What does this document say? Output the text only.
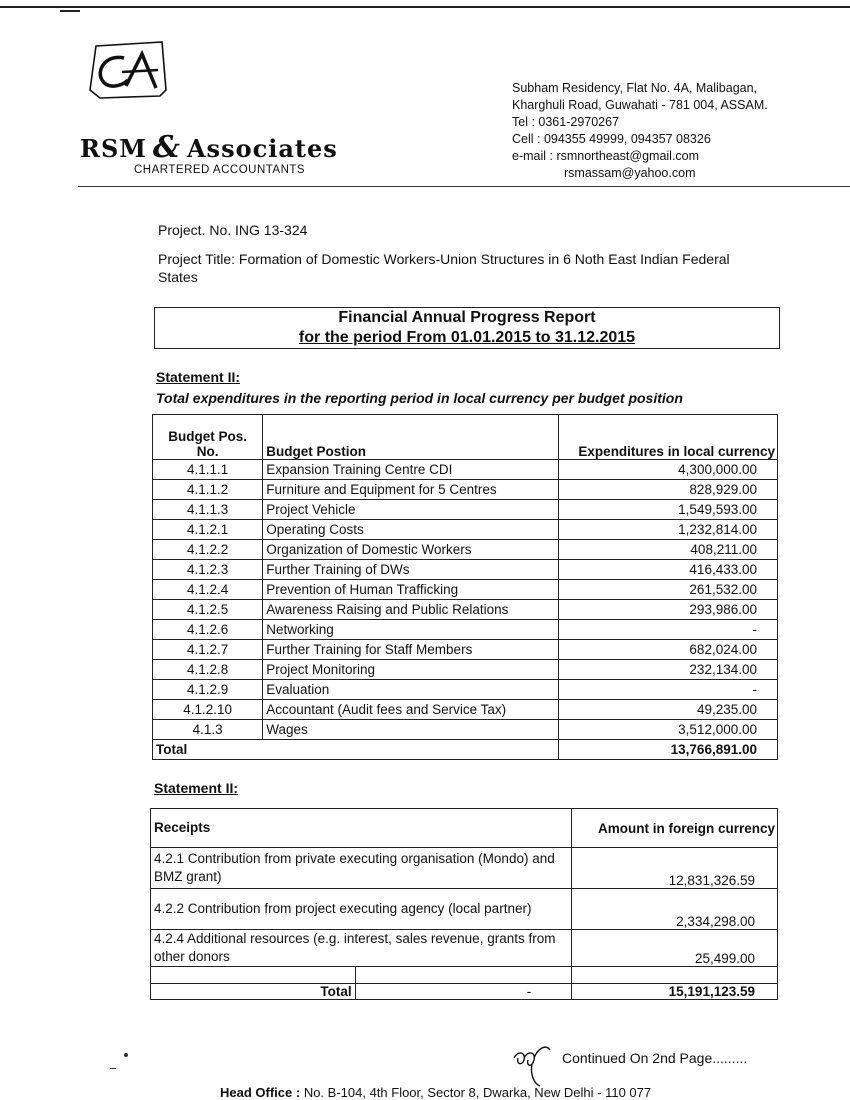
RSM & Associates
CHARTERED ACCOUNTANTS
Subham Residency, Flat No. 4A, Malibagan,
Kharghuli Road, Guwahati - 781 004, ASSAM.
Tel : 0361-2970267
Cell : 094355 49999, 094357 08326
e-mail : rsmnortheast@gmail.com
rsmassam@yahoo.com
Project. No. ING 13-324
Project Title: Formation of Domestic Workers-Union Structures in 6 Noth East Indian Federal States
Financial Annual Progress Report
for the period From 01.01.2015 to 31.12.2015
Statement II:
Total expenditures in the reporting period in local currency per budget position
Budget Pos. No.	Budget Postion	Expenditures in local currency
4.1.1.1	Expansion Training Centre CDI	4,300,000.00
4.1.1.2	Furniture and Equipment for 5 Centres	828,929.00
4.1.1.3	Project Vehicle	1,549,593.00
4.1.2.1	Operating Costs	1,232,814.00
4.1.2.2	Organization of Domestic Workers	408,211.00
4.1.2.3	Further Training of DWs	416,433.00
4.1.2.4	Prevention of Human Trafficking	261,532.00
4.1.2.5	Awareness Raising and Public Relations	293,986.00
4.1.2.6	Networking	-
4.1.2.7	Further Training for Staff Members	682,024.00
4.1.2.8	Project Monitoring	232,134.00
4.1.2.9	Evaluation	-
4.1.2.10	Accountant (Audit fees and Service Tax)	49,235.00
4.1.3	Wages	3,512,000.00
Total		13,766,891.00
Statement II:
Receipts		Amount in foreign currency
4.2.1 Contribution from private executing organisation (Mondo) and BMZ grant)		12,831,326.59
4.2.2 Contribution from project executing agency (local partner)		2,334,298.00
4.2.4 Additional resources (e.g. interest, sales revenue, grants from other donors		25,499.00

Total	-	15,191,123.59
Continued On 2nd Page.........
Head Office : No. B-104, 4th Floor, Sector 8, Dwarka, New Delhi - 110 077
